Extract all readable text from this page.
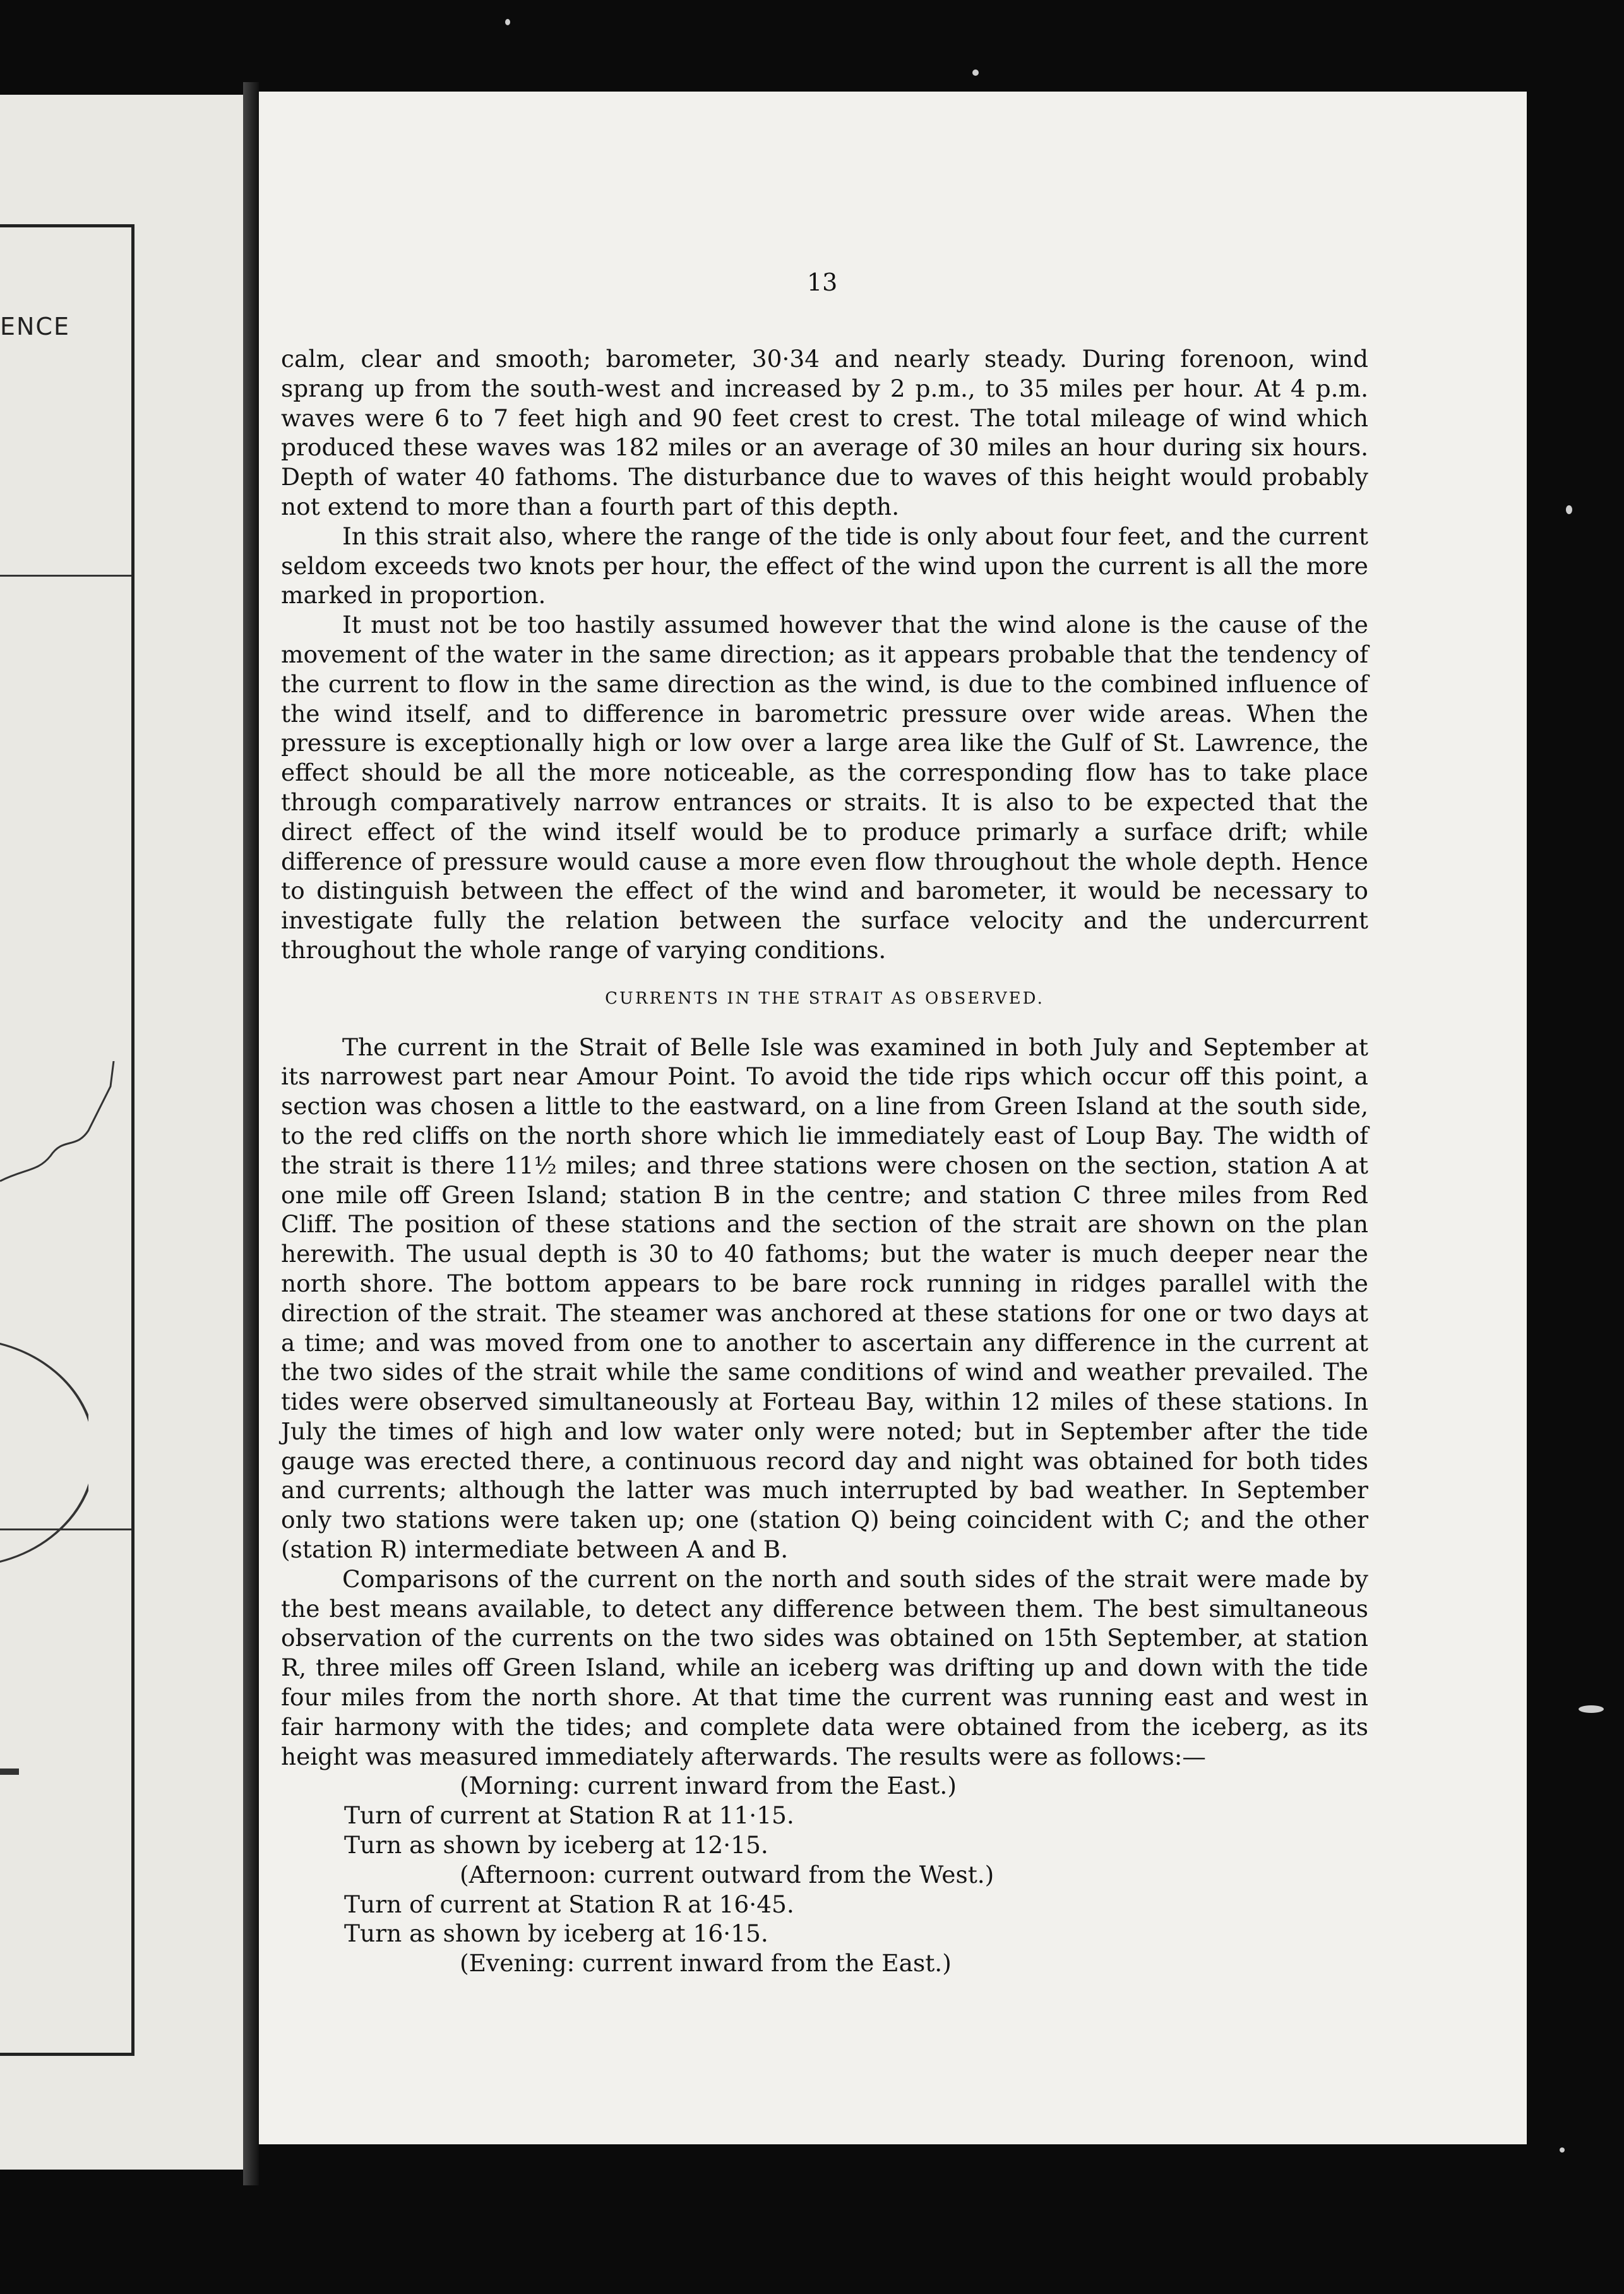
ENCE
13

calm, clear and smooth; barometer, 30·34 and nearly steady. During forenoon, wind sprang up from the south-west and increased by 2 p.m., to 35 miles per hour. At 4 p.m. waves were 6 to 7 feet high and 90 feet crest to crest. The total mileage of wind which produced these waves was 182 miles or an average of 30 miles an hour during six hours. Depth of water 40 fathoms. The disturbance due to waves of this height would probably not extend to more than a fourth part of this depth.

In this strait also, where the range of the tide is only about four feet, and the current seldom exceeds two knots per hour, the effect of the wind upon the current is all the more marked in proportion.

It must not be too hastily assumed however that the wind alone is the cause of the movement of the water in the same direction; as it appears probable that the tendency of the current to flow in the same direction as the wind, is due to the combined influence of the wind itself, and to difference in barometric pressure over wide areas. When the pressure is exceptionally high or low over a large area like the Gulf of St. Lawrence, the effect should be all the more noticeable, as the corresponding flow has to take place through comparatively narrow entrances or straits. It is also to be expected that the direct effect of the wind itself would be to produce primarly a surface drift; while difference of pressure would cause a more even flow throughout the whole depth. Hence to distinguish between the effect of the wind and barometer, it would be necessary to investigate fully the relation between the surface velocity and the undercurrent throughout the whole range of varying conditions.

CURRENTS IN THE STRAIT AS OBSERVED.

The current in the Strait of Belle Isle was examined in both July and September at its narrowest part near Amour Point. To avoid the tide rips which occur off this point, a section was chosen a little to the eastward, on a line from Green Island at the south side, to the red cliffs on the north shore which lie immediately east of Loup Bay. The width of the strait is there 11½ miles; and three stations were chosen on the section, station A at one mile off Green Island; station B in the centre; and station C three miles from Red Cliff. The position of these stations and the section of the strait are shown on the plan herewith. The usual depth is 30 to 40 fathoms; but the water is much deeper near the north shore. The bottom appears to be bare rock running in ridges parallel with the direction of the strait. The steamer was anchored at these stations for one or two days at a time; and was moved from one to another to ascertain any difference in the current at the two sides of the strait while the same conditions of wind and weather prevailed. The tides were observed simultaneously at Forteau Bay, within 12 miles of these stations. In July the times of high and low water only were noted; but in September after the tide gauge was erected there, a continuous record day and night was obtained for both tides and currents; although the latter was much interrupted by bad weather. In September only two stations were taken up; one (station Q) being coincident with C; and the other (station R) intermediate between A and B.

Comparisons of the current on the north and south sides of the strait were made by the best means available, to detect any difference between them. The best simultaneous observation of the currents on the two sides was obtained on 15th September, at station R, three miles off Green Island, while an iceberg was drifting up and down with the tide four miles from the north shore. At that time the current was running east and west in fair harmony with the tides; and complete data were obtained from the iceberg, as its height was measured immediately afterwards. The results were as follows:—

(Morning: current inward from the East.)

Turn of current at Station R at 11·15.

Turn as shown by iceberg at 12·15.

(Afternoon: current outward from the West.)

Turn of current at Station R at 16·45.

Turn as shown by iceberg at 16·15.

(Evening: current inward from the East.)
